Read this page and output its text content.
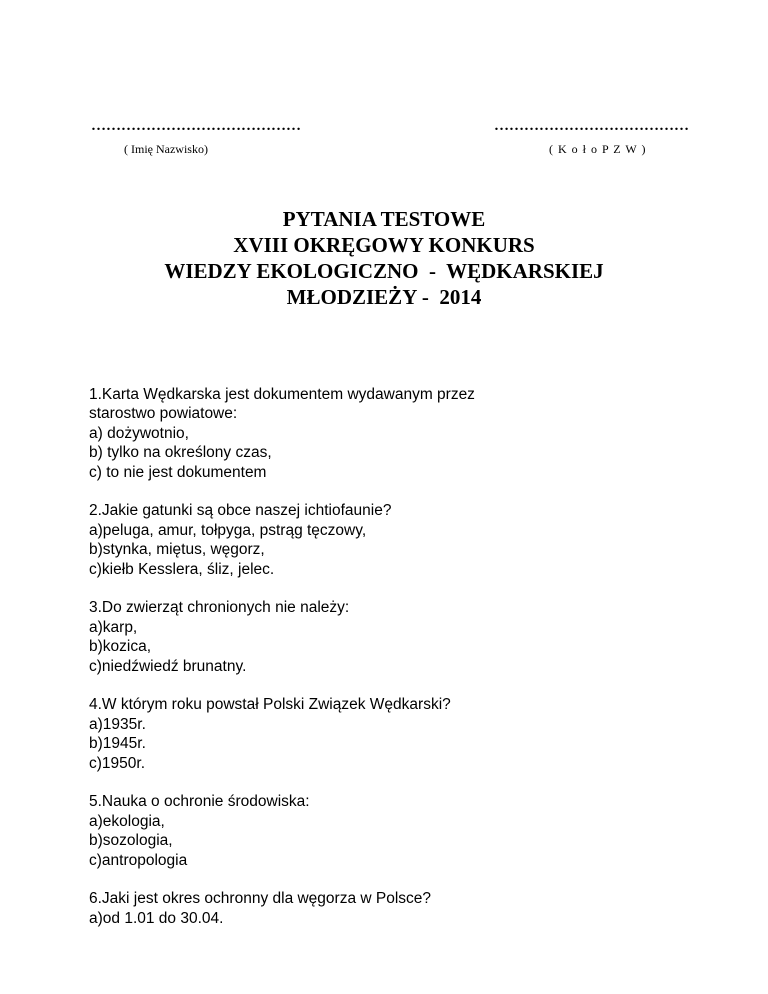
……………………………………
( Imię Nazwisko)
…………………………………
( K o ł o P Z W )
PYTANIA TESTOWE
XVIII OKRĘGOWY KONKURS
WIEDZY EKOLOGICZNO  -  WĘDKARSKIEJ
MŁODZIEŻY -  2014
1.Karta Wędkarska jest dokumentem wydawanym przez
starostwo powiatowe:
a) dożywotnio,
b) tylko na określony czas,
c) to nie jest dokumentem
2.Jakie gatunki są obce naszej ichtiofaunie?
a)peluga, amur, tołpyga, pstrąg tęczowy,
b)stynka, miętus, węgorz,
c)kiełb Kesslera, śliz, jelec.
3.Do zwierząt chronionych nie należy:
a)karp,
b)kozica,
c)niedźwiedź brunatny.
4.W którym roku powstał Polski Związek Wędkarski?
a)1935r.
b)1945r.
c)1950r.
5.Nauka o ochronie środowiska:
a)ekologia,
b)sozologia,
c)antropologia
6.Jaki jest okres ochronny dla węgorza w Polsce?
a)od 1.01 do 30.04.
